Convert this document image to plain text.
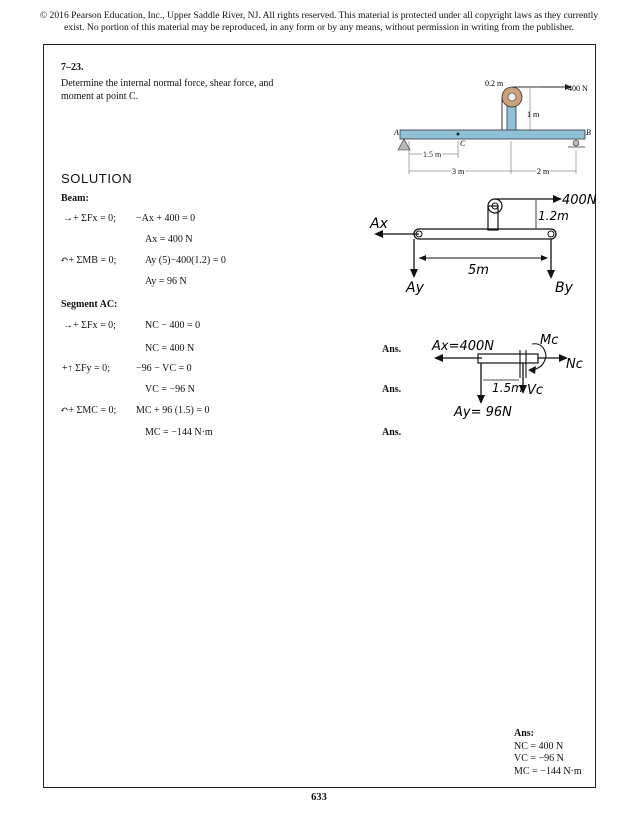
© 2016 Pearson Education, Inc., Upper Saddle River, NJ. All rights reserved. This material is protected under all copyright laws as they currently
exist. No portion of this material may be reproduced, in any form or by any means, without permission in writing from the publisher.
7–23.
Determine the internal normal force, shear force, and
moment at point C.
400 N
0.2 m
1 m
A	B
C
1.5 m
3 m	2 m
SOLUTION
Beam:
→+ ΣFx = 0; −Ax + 400 = 0
Ax = 400 N
↶+ ΣMB = 0;	Ay (5)−400(1.2) = 0
Ay = 96 N
Segment AC:
→+ ΣFx = 0;	NC − 400 = 0
NC = 400 N	Ans.
+↑ ΣFy = 0;	−96 − VC = 0
VC = −96 N	Ans.
↶+ ΣMC = 0; MC + 96 (1.5) = 0
MC = −144 N·m	Ans.
400N
1.2m
Ax
Ay	By
5m
Ax=400N
Nc
Mc
Vc
1.5m
Ay= 96N
Ans:
NC = 400 N
VC = −96 N
MC = −144 N·m
633
